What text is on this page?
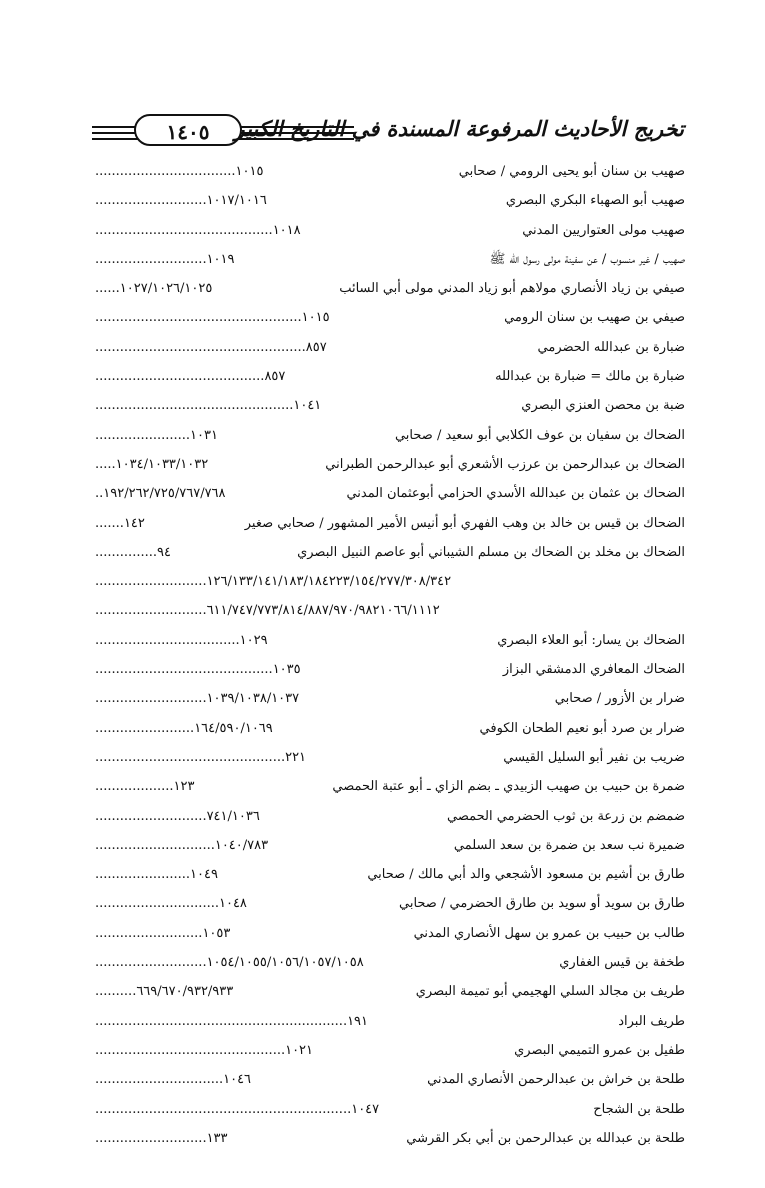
١٤٠٥	تخريج الأحاديث المرفوعة المسندة في التاريخ الكبير
صهيب بن سنان أبو يحيى الرومي / صحابي
..................................١٠١٥
صهيب أبو الصهباء البكري البصري
...........................١٠١٧/١٠١٦
صهيب مولى العتواريين المدني
...........................................١٠١٨
صهيب / غير منسوب / عن سفينة مولى رسول الله ﷺ
...........................١٠١٩
صيفي بن زياد الأنصاري مولاهم أبو زياد المدني مولى أبي السائب
......١٠٢٧/١٠٢٦/١٠٢٥
صيفي بن صهيب بن سنان الرومي
..................................................١٠١٥
ضبارة بن عبدالله الحضرمي
...................................................٨٥٧
ضبارة بن مالك = ضبارة بن عبدالله
.........................................٨٥٧
ضبة بن محصن العنزي البصري
................................................١٠٤١
الضحاك بن سفيان بن عوف الكلابي أبو سعيد / صحابي
.......................١٠٣١
الضحاك بن عبدالرحمن بن عرزب الأشعري أبو عبدالرحمن الطبراني
.....١٠٣٤/١٠٣٣/١٠٣٢
الضحاك بن عثمان بن عبدالله الأسدي الحزامي أبوعثمان المدني
..١٩٢/٢٦٢/٧٢٥/٧٦٧/٧٦٨
الضحاك بن قيس بن خالد بن وهب الفهري أبو أنيس الأمير المشهور / صحابي صغير
.......١٤٢
الضحاك بن مخلد بن الضحاك بن مسلم الشيباني أبو عاصم النبيل البصري
...............٩٤
...........................١٢٦/١٣٣/١٤١/١٨٣/١٨٤٢٢٣/١٥٤/٢٧٧/٣٠٨/٣٤٢
...........................٦١١/٧٤٧/٧٧٣/٨١٤/٨٨٧/٩٧٠/٩٨٢١٠٦٦/١١١٢
الضحاك بن يسار: أبو العلاء البصري
...................................١٠٢٩
الضحاك المعافري الدمشقي البزاز
...........................................١٠٣٥
ضرار بن الأزور / صحابي
...........................١٠٣٩/١٠٣٨/١٠٣٧
ضرار بن صرد أبو نعيم الطحان الكوفي
........................١٦٤/٥٩٠/١٠٦٩
ضريب بن نفير أبو السليل القيسي
..............................................٢٢١
ضمرة بن حبيب بن صهيب الزبيدي ـ بضم الزاي ـ أبو عتبة الحمصي
...................١٢٣
ضمضم بن زرعة بن ثوب الحضرمي الحمصي
...........................٧٤١/١٠٣٦
ضميرة نب سعد بن ضمرة بن سعد السلمي
.............................١٠٤٠/٧٨٣
طارق بن أشيم بن مسعود الأشجعي والد أبي مالك / صحابي
.......................١٠٤٩
طارق بن سويد أو سويد بن طارق الحضرمي / صحابي
..............................١٠٤٨
طالب بن حبيب بن عمرو بن سهل الأنصاري المدني
..........................١٠٥٣
طخفة بن قيس الغفاري
...........................١٠٥٤/١٠٥٥/١٠٥٦/١٠٥٧/١٠٥٨
طريف بن مجالد السلي الهجيمي أبو تميمة البصري
..........٦٦٩/٦٧٠/٩٣٢/٩٣٣
طريف البراد
.............................................................١٩١
طفيل بن عمرو التميمي البصري
..............................................١٠٢١
طلحة بن خراش بن عبدالرحمن الأنصاري المدني
...............................١٠٤٦
طلحة بن الشجاح
..............................................................١٠٤٧
طلحة بن عبدالله بن عبدالرحمن بن أبي بكر القرشي
...........................١٣٣
